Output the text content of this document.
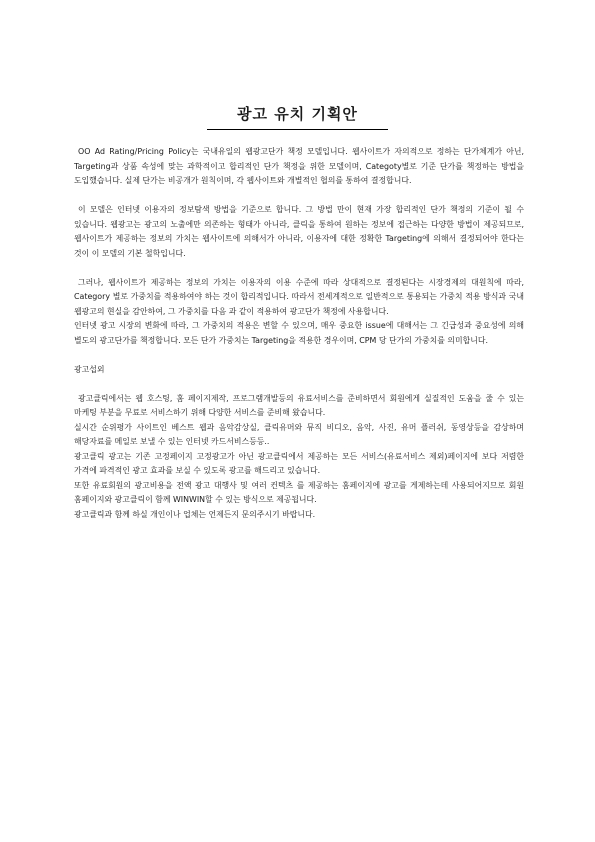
광고 유치 기획안

OO Ad Rating/Pricing Policy는 국내유일의 웹광고단가 책정 모델입니다. 웹사이트가 자의적으로 정하는 단가체계가 아닌, Targeting과 상품 속성에 맞는 과학적이고 합리적인 단가 책정을 위한 모델이며, Categoty별로 기준 단가를 책정하는 방법을 도입했습니다. 실제 단가는 비공개가 원칙이며, 각 웹사이트와 개별적인 협의를 통하여 결정합니다.

이 모델은 인터넷 이용자의 정보탐색 방법을 기준으로 합니다. 그 방법 만이 현재 가장 합리적인 단가 책정의 기준이 될 수 있습니다. 웹광고는 광고의 노출에만 의존하는 형태가 아니라, 클릭을 통하여 원하는 정보에 접근하는 다양한 방법이 제공되므로, 웹사이트가 제공하는 정보의 가치는 웹사이트에 의해서가 아니라, 이용자에 대한 정확한 Targeting에 의해서 결정되어야 한다는 것이 이 모델의 기본 철학입니다.

그러나, 웹사이트가 제공하는 정보의 가치는 이용자의 이용 수준에 따라 상대적으로 결정된다는 시장경제의 대원칙에 따라, Category 별로 가중치를 적용하여야 하는 것이 합리적입니다. 따라서 전세계적으로 일반적으로 통용되는 가중치 적용 방식과 국내 웹광고의 현실을 감안하여, 그 가중치를 다음 과 같이 적용하여 광고단가 책정에 사용합니다.

인터넷 광고 시장의 변화에 따라, 그 가중치의 적용은 변할 수 있으며, 매우 중요한 issue에 대해서는 그 긴급성과 중요성에 의해 별도의 광고단가를 책정합니다. 모든 단가 가중치는 Targeting을 적용한 경우이며, CPM 당 단가의 가중치를 의미합니다.

광고섭외

광고클릭에서는 웹 호스팅, 홈 페이지제작, 프로그램개발등의 유료서비스를 준비하면서 회원에게 실질적인 도움을 줄 수 있는 마케팅 부분을 무료로 서비스하기 위해 다양한 서비스를 준비해 왔습니다.

실시간 순위평가 사이트인 베스트 웹과 음악감상실, 클릭유머와 뮤직 비디오, 음악, 사진, 유머 플러쉬, 동영상등을 감상하며 해당자료를 메일로 보낼 수 있는 인터넷 카드서비스등등..

광고클릭 광고는 기존 고정페이지 고정광고가 아닌 광고클릭에서 제공하는 모든 서비스(유료서비스 제외)페이지에 보다 저렴한 가격에 파격적인 광고 효과를 보실 수 있도록 광고를 해드리고 있습니다.

또한 유료회원의 광고비용을 전액 광고 대행사 및 여러 컨텍츠 를 제공하는 홈페이지에 광고를 게제하는데 사용되어지므로 회원 홈페이지와 광고클릭이 함께 WINWIN할 수 있는 방식으로 제공됩니다.

광고클릭과 함께 하실 개인이나 업체는 언제든지 문의주시기 바랍니다.
